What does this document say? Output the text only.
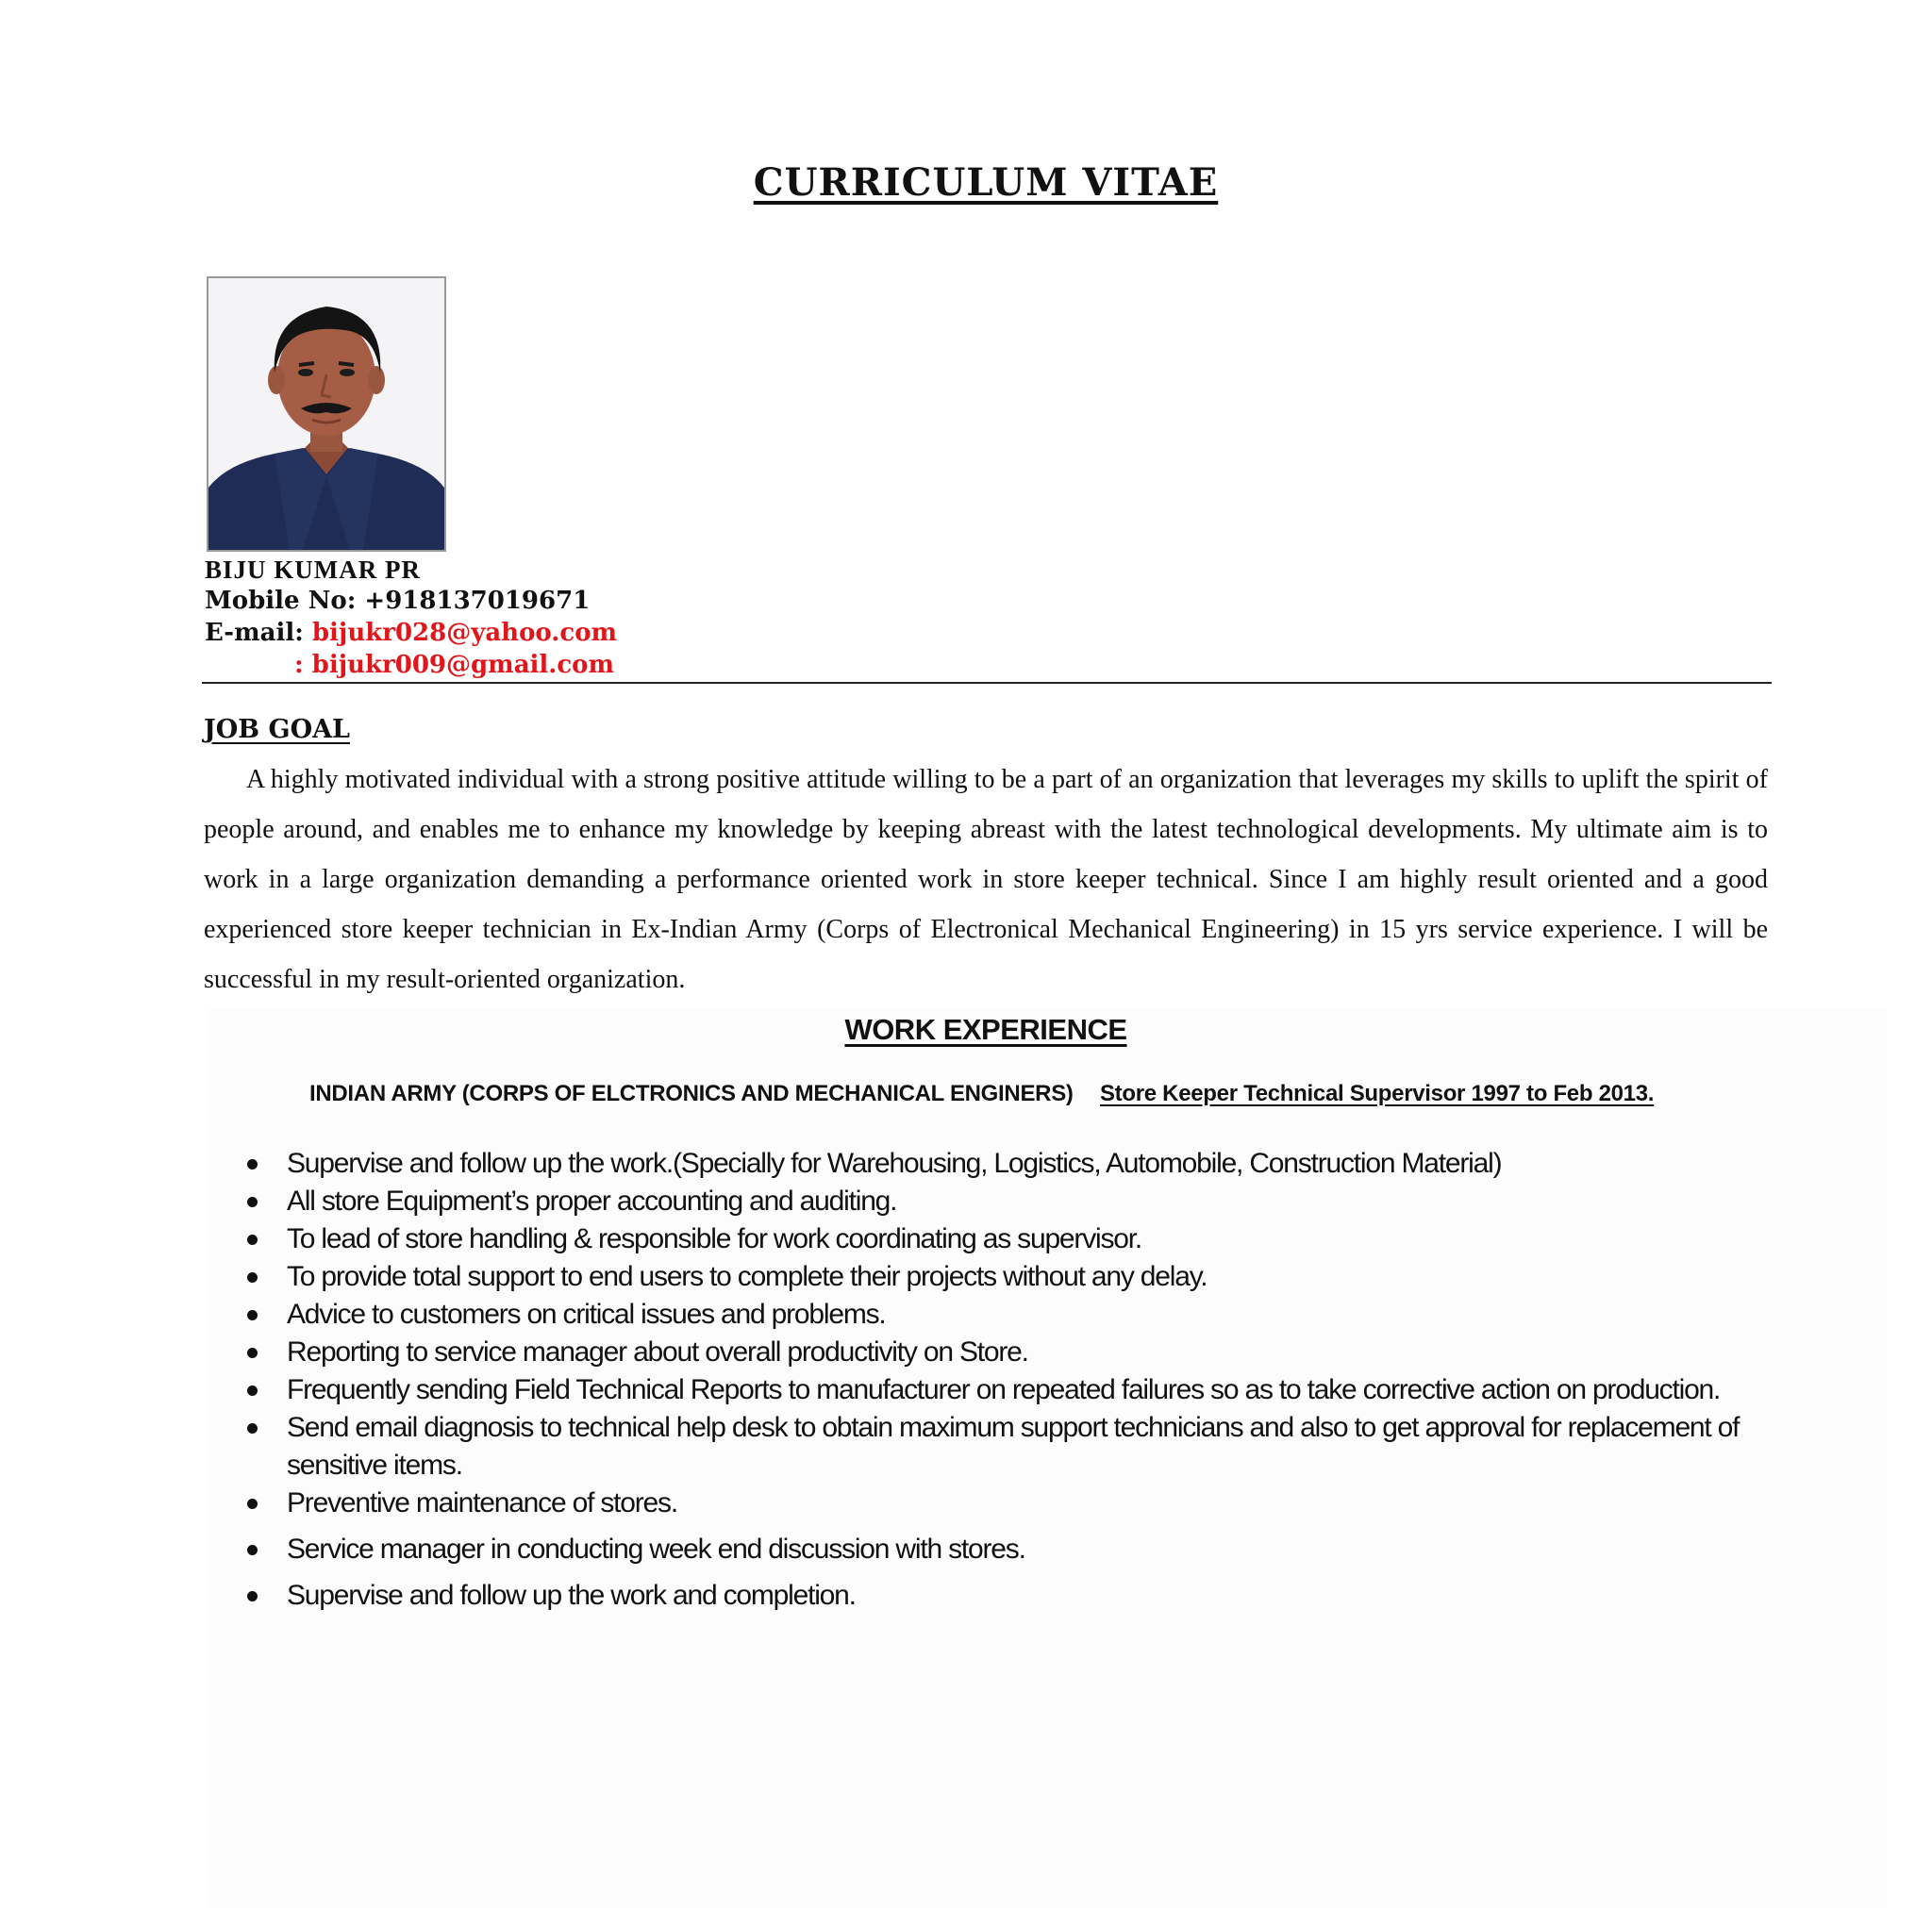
CURRICULUM VITAE
BIJU KUMAR PR
Mobile No: +918137019671
E-mail: bijukr028@yahoo.com
: bijukr009@gmail.com
JOB GOAL

A highly motivated individual with a strong positive attitude willing to be a part of an organization that leverages my skills to uplift the spirit of people around, and enables me to enhance my knowledge by keeping abreast with the latest technological developments. My ultimate aim is to work in a large organization demanding a performance oriented work in store keeper technical. Since I am highly result oriented and a good experienced store keeper technician in Ex-Indian Army (Corps of Electronical Mechanical Engineering) in 15 yrs service experience. I will be successful in my result-oriented organization.

WORK EXPERIENCE
INDIAN ARMY (CORPS OF ELCTRONICS AND MECHANICAL ENGINERS) Store Keeper Technical Supervisor 1997 to Feb 2013.
Supervise and follow up the work.(Specially for Warehousing, Logistics, Automobile, Construction Material)
All store Equipment’s proper accounting and auditing.
To lead of store handling & responsible for work coordinating as supervisor.
To provide total support to end users to complete their projects without any delay.
Advice to customers on critical issues and problems.
Reporting to service manager about overall productivity on Store.
Frequently sending Field Technical Reports to manufacturer on repeated failures so as to take corrective action on production.
Send email diagnosis to technical help desk to obtain maximum support technicians and also to get approval for replacement of sensitive items.
Preventive maintenance of stores.
Service manager in conducting week end discussion with stores.
Supervise and follow up the work and completion.
